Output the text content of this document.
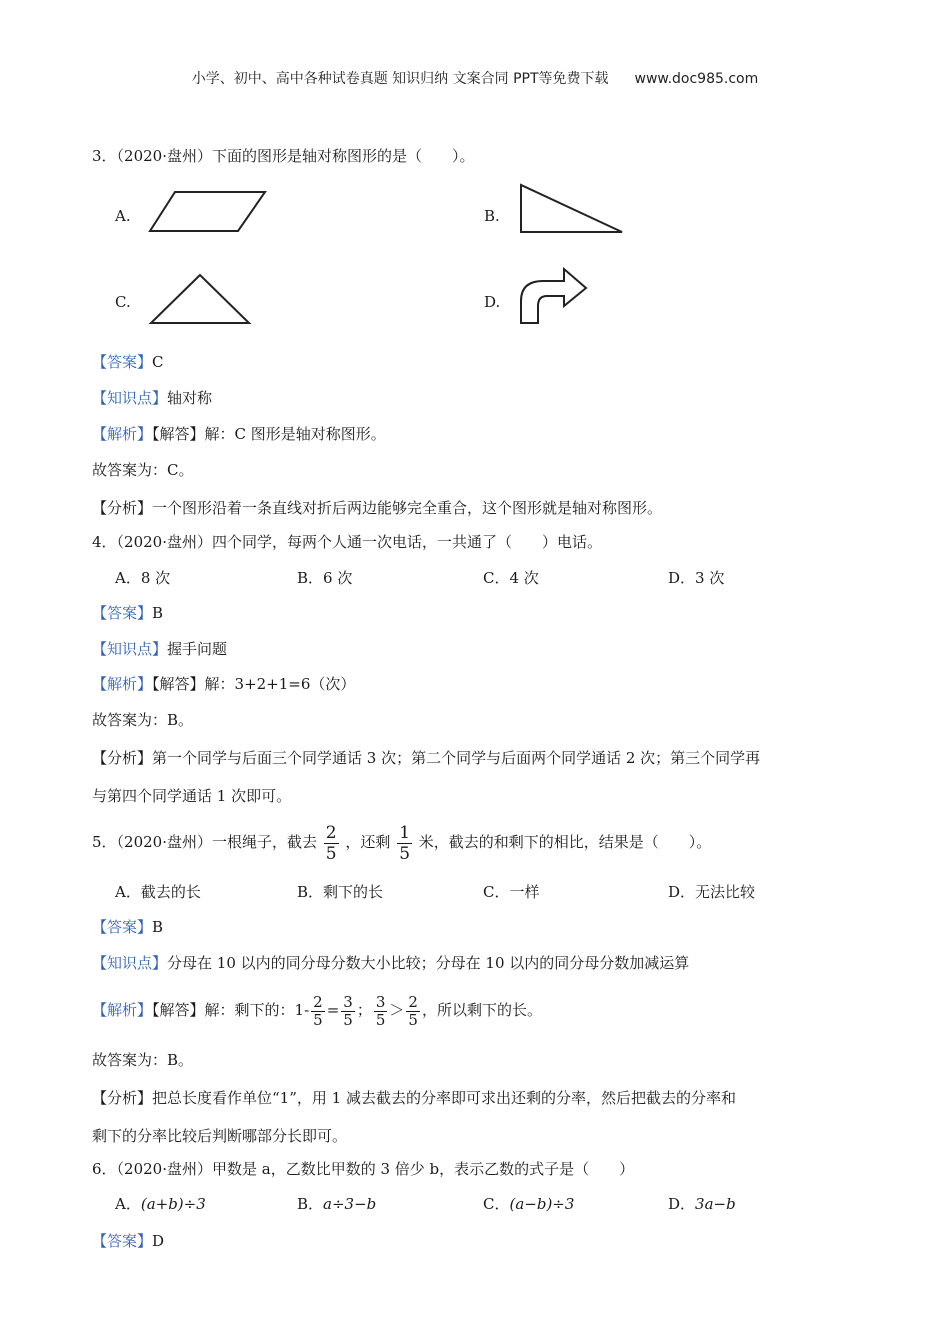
小学、初中、高中各种试卷真题 知识归纳 文案合同 PPT等免费下载 www.doc985.com
3．（2020·盘州）下面的图形是轴对称图形的是（　　）。
A.	B.
C.	D.
【答案】C
【知识点】轴对称
【解析】【解答】解：C 图形是轴对称图形。
故答案为：C。
【分析】一个图形沿着一条直线对折后两边能够完全重合，这个图形就是轴对称图形。
4．（2020·盘州）四个同学，每两个人通一次电话，一共通了（　　）电话。
A．8 次	B．6 次	C．4 次	D．3 次
【答案】B
【知识点】握手问题
【解析】【解答】解：3+2+1=6（次）
故答案为：B。
【分析】第一个同学与后面三个同学通话 3 次；第二个同学与后面两个同学通话 2 次；第三个同学再
与第四个同学通话 1 次即可。
5．（2020·盘州）一根绳子，截去 $\frac{2}{5}$ ，还剩 $\frac{1}{5}$ 米，截去的和剩下的相比，结果是（　　）。
A．截去的长	B．剩下的长	C．一样	D．无法比较
【答案】B
【知识点】分母在 10 以内的同分母分数大小比较；分母在 10 以内的同分母分数加减运算
【解析】【解答】解：剩下的：$1- \frac{2}{5} = \frac{3}{5}$ ； $\frac{3}{5} > \frac{2}{5}$ ，所以剩下的长。
故答案为：B。
【分析】把总长度看作单位“1”，用 1 减去截去的分率即可求出还剩的分率，然后把截去的分率和
剩下的分率比较后判断哪部分长即可。
6．（2020·盘州）甲数是 a，乙数比甲数的 3 倍少 b，表示乙数的式子是（　　）
A．(a+b)÷3	B．a÷3−b	C．(a−b)÷3	D．3a−b
【答案】D
